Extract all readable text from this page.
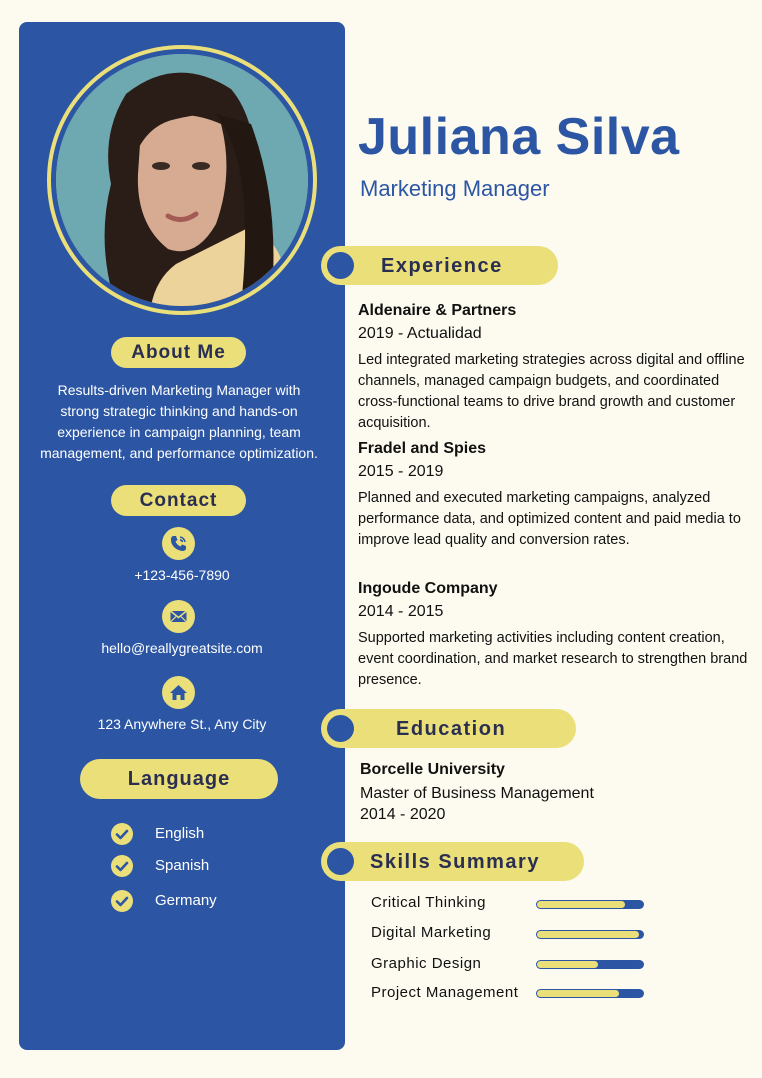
About Me
Results-driven Marketing Manager with strong strategic thinking and hands-on experience in campaign planning, team management, and performance optimization.
Contact
+123-456-7890
hello@reallygreatsite.com
123 Anywhere St., Any City
Language
English
Spanish
Germany
Juliana Silva
Marketing Manager
Experience
Aldenaire & Partners
2019 - Actualidad
Led integrated marketing strategies across digital and offline channels, managed campaign budgets, and coordinated cross-functional teams to drive brand growth and customer acquisition.
Fradel and Spies
2015 - 2019
Planned and executed marketing campaigns, analyzed performance data, and optimized content and paid media to improve lead quality and conversion rates.
Ingoude Company
2014 - 2015
Supported marketing activities including content creation, event coordination, and market research to strengthen brand presence.
Education
Borcelle University
Master of Business Management
2014 - 2020
Skills Summary
Critical Thinking
Digital Marketing
Graphic Design
Project Management
